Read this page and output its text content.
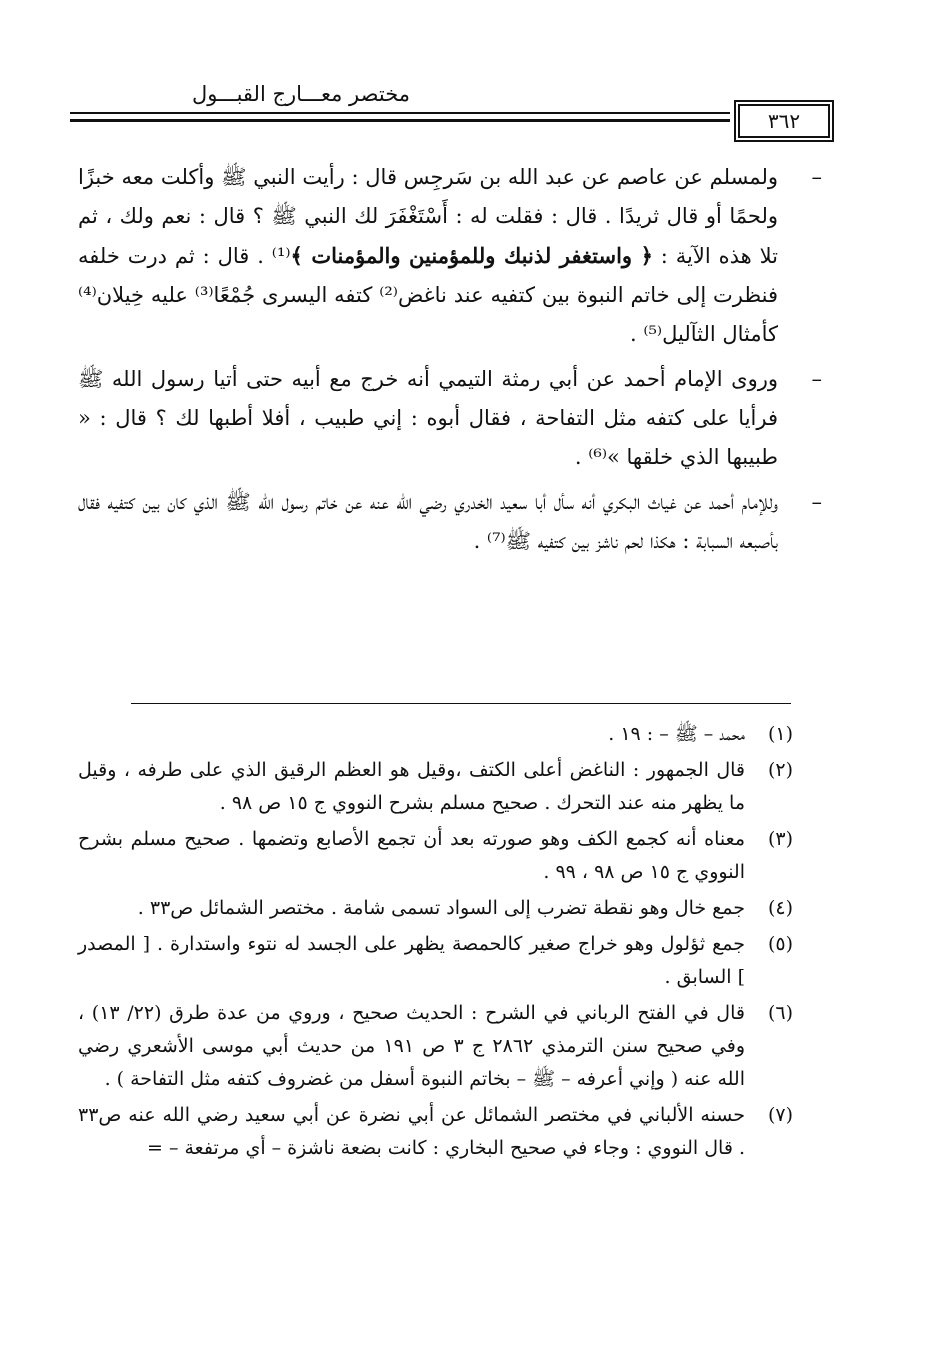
مختصر معـــارج القبـــول
٣٦٢
–
ولمسلم عن عاصم عن عبد الله بن سَرجِس قال : رأيت النبي ﷺ وأكلت معه خبزًا ولحمًا أو قال ثريدًا . قال : فقلت له : أَسْتَغْفَرَ لك النبي ﷺ ؟ قال : نعم ولك ، ثم تلا هذه الآية : ﴿ واستغفر لذنبك وللمؤمنين والمؤمنات ﴾⁽¹⁾ . قال : ثم درت خلفه فنظرت إلى خاتم النبوة بين كتفيه عند ناغض⁽²⁾ كتفه اليسرى جُمْعًا⁽³⁾ عليه خِيلان⁽⁴⁾ كأمثال الثآليل⁽⁵⁾ .
–
وروى الإمام أحمد عن أبي رمثة التيمي أنه خرج مع أبيه حتى أتيا رسول الله ﷺ فرأيا على كتفه مثل التفاحة ، فقال أبوه : إني طبيب ، أفلا أطبها لك ؟ قال : « طبيبها الذي خلقها »⁽⁶⁾ .
–
وللإمام أحمد عن غياث البكري أنه سأل أبا سعيد الخدري رضي الله عنه عن خاتم رسول الله ﷺ الذي كان بين كتفيه فقال بأصبعه السبابة : هكذا لحم ناشز بين كتفيه ﷺ⁽⁷⁾ .
(١)
محمد – ﷺ – : ١٩ .
(٢)
قال الجمهور : الناغض أعلى الكتف ،وقيل هو العظم الرقيق الذي على طرفه ، وقيل ما يظهر منه عند التحرك . صحيح مسلم بشرح النووي ج ١٥ ص ٩٨ .
(٣)
معناه أنه كجمع الكف وهو صورته بعد أن تجمع الأصابع وتضمها . صحيح مسلم بشرح النووي ج ١٥ ص ٩٨ ، ٩٩ .
(٤)
جمع خال وهو نقطة تضرب إلى السواد تسمى شامة . مختصر الشمائل ص٣٣ .
(٥)
جمع ثؤلول وهو خراج صغير كالحمصة يظهر على الجسد له نتوء واستدارة . [ المصدر ] السابق .
(٦)
قال في الفتح الرباني في الشرح : الحديث صحيح ، وروي من عدة طرق (٢٢/ ١٣) ، وفي صحيح سنن الترمذي ٢٨٦٢ ج ٣ ص ١٩١ من حديث أبي موسى الأشعري رضي الله عنه ( وإني أعرفه – ﷺ – بخاتم النبوة أسفل من غضروف كتفه مثل التفاحة ) .
(٧)
حسنه الألباني في مختصر الشمائل عن أبي نضرة عن أبي سعيد رضي الله عنه ص٣٣ . قال النووي : وجاء في صحيح البخاري : كانت بضعة ناشزة – أي مرتفعة – =
